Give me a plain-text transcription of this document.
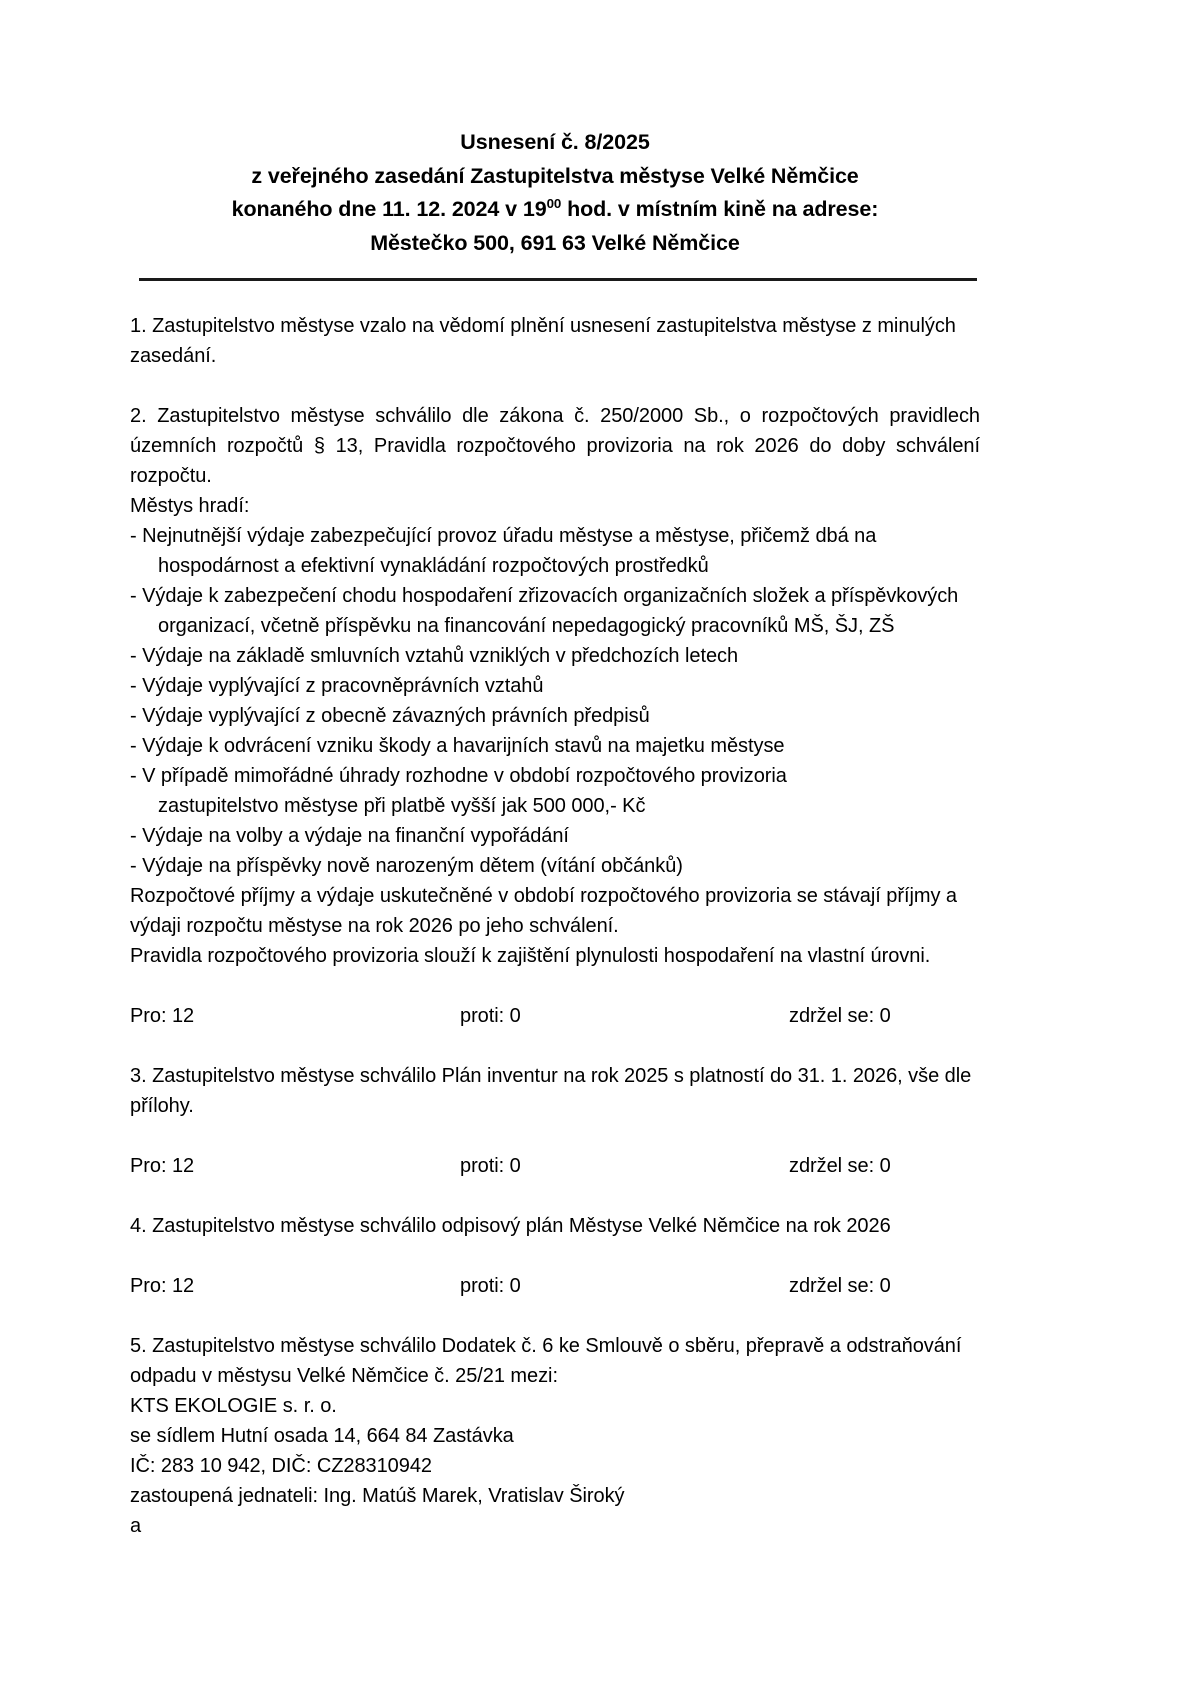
Usnesení č. 8/2025
z veřejného zasedání Zastupitelstva městyse Velké Němčice
konaného dne 11. 12. 2024 v $19^{00}$ hod. v místním kině na adrese:
Městečko 500, 691 63 Velké Němčice

1. Zastupitelstvo městyse vzalo na vědomí plnění usnesení zastupitelstva městyse z minulých zasedání.

2. Zastupitelstvo městyse schválilo dle zákona č. 250/2000 Sb., o rozpočtových pravidlech územních rozpočtů § 13, Pravidla rozpočtového provizoria na rok 2026 do doby schválení rozpočtu.

Městys hradí:

- Nejnutnější výdaje zabezpečující provoz úřadu městyse a městyse, přičemž dbá na
hospodárnost a efektivní vynakládání rozpočtových prostředků
- Výdaje k zabezpečení chodu hospodaření zřizovacích organizačních složek a příspěvkových
organizací, včetně příspěvku na financování nepedagogický pracovníků MŠ, ŠJ, ZŠ
- Výdaje na základě smluvních vztahů vzniklých v předchozích letech
- Výdaje vyplývající z pracovněprávních vztahů
- Výdaje vyplývající z obecně závazných právních předpisů
- Výdaje k odvrácení vzniku škody a havarijních stavů na majetku městyse
- V případě mimořádné úhrady rozhodne v období rozpočtového provizoria
zastupitelstvo městyse při platbě vyšší jak 500 000,- Kč
- Výdaje na volby a výdaje na finanční vypořádání
- Výdaje na příspěvky nově narozeným dětem (vítání občánků)

Rozpočtové příjmy a výdaje uskutečněné v období rozpočtového provizoria se stávají příjmy a výdaji rozpočtu městyse na rok 2026 po jeho schválení.

Pravidla rozpočtového provizoria slouží k zajištění plynulosti hospodaření na vlastní úrovni.

Pro: 12	proti: 0	zdržel se: 0

3. Zastupitelstvo městyse schválilo Plán inventur na rok 2025 s platností do 31. 1. 2026, vše dle přílohy.

Pro: 12	proti: 0	zdržel se: 0

4. Zastupitelstvo městyse schválilo odpisový plán Městyse Velké Němčice na rok 2026

Pro: 12	proti: 0	zdržel se: 0

5. Zastupitelstvo městyse schválilo Dodatek č. 6 ke Smlouvě o sběru, přepravě a odstraňování odpadu v městysu Velké Němčice č. 25/21 mezi:

KTS EKOLOGIE s. r. o.
se sídlem Hutní osada 14, 664 84 Zastávka
IČ: 283 10 942, DIČ: CZ28310942
zastoupená jednateli: Ing. Matúš Marek, Vratislav Široký
a
